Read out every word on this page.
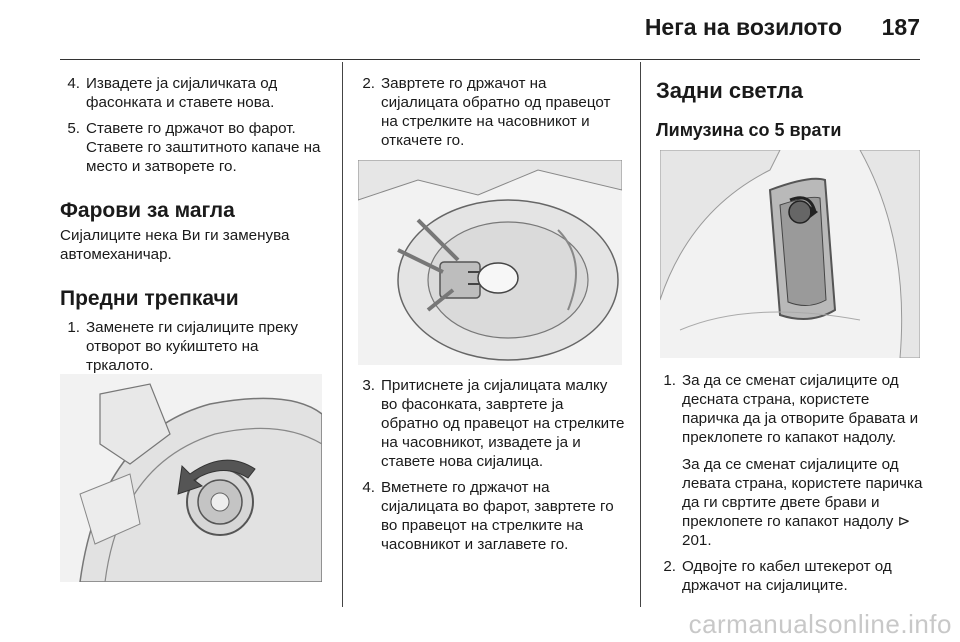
Нега на возилото 187
4. Извадете ја сијаличката од фасонката и ставете нова.
5. Ставете го држачот во фарот. Ставете го заштитното капаче на место и затворете го.
Фарови за магла

Сијалиците нека Ви ги заменува автомеханичар.

Предни трепкачи
1. Заменете ги сијалиците преку отворот во куќиштето на тркалото.
2. Завртете го држачот на сијалицата обратно од правецот на стрелките на часовникот и откачете го.
3. Притиснете ја сијалицата малку во фасонката, завртете ја обратно од правецот на стрелките на часовникот, извадете ја и ставете нова сијалица.
4. Вметнете го држачот на сијалицата во фарот, завртете го во правецот на стрелките на часовникот и заглавете го.
Задни светла
Лимузина со 5 врати
1. За да се сменат сијалиците од десната страна, користете паричка да ја отворите бравата и преклопете го капакот надолу.
За да се сменат сијалиците од левата страна, користете паричка да ги свртите двете брави и преклопете го капакот надолу ⊳ 201.
2. Одвојте го кабел штекерот од држачот на сијалиците.
carmanualsonline.info
